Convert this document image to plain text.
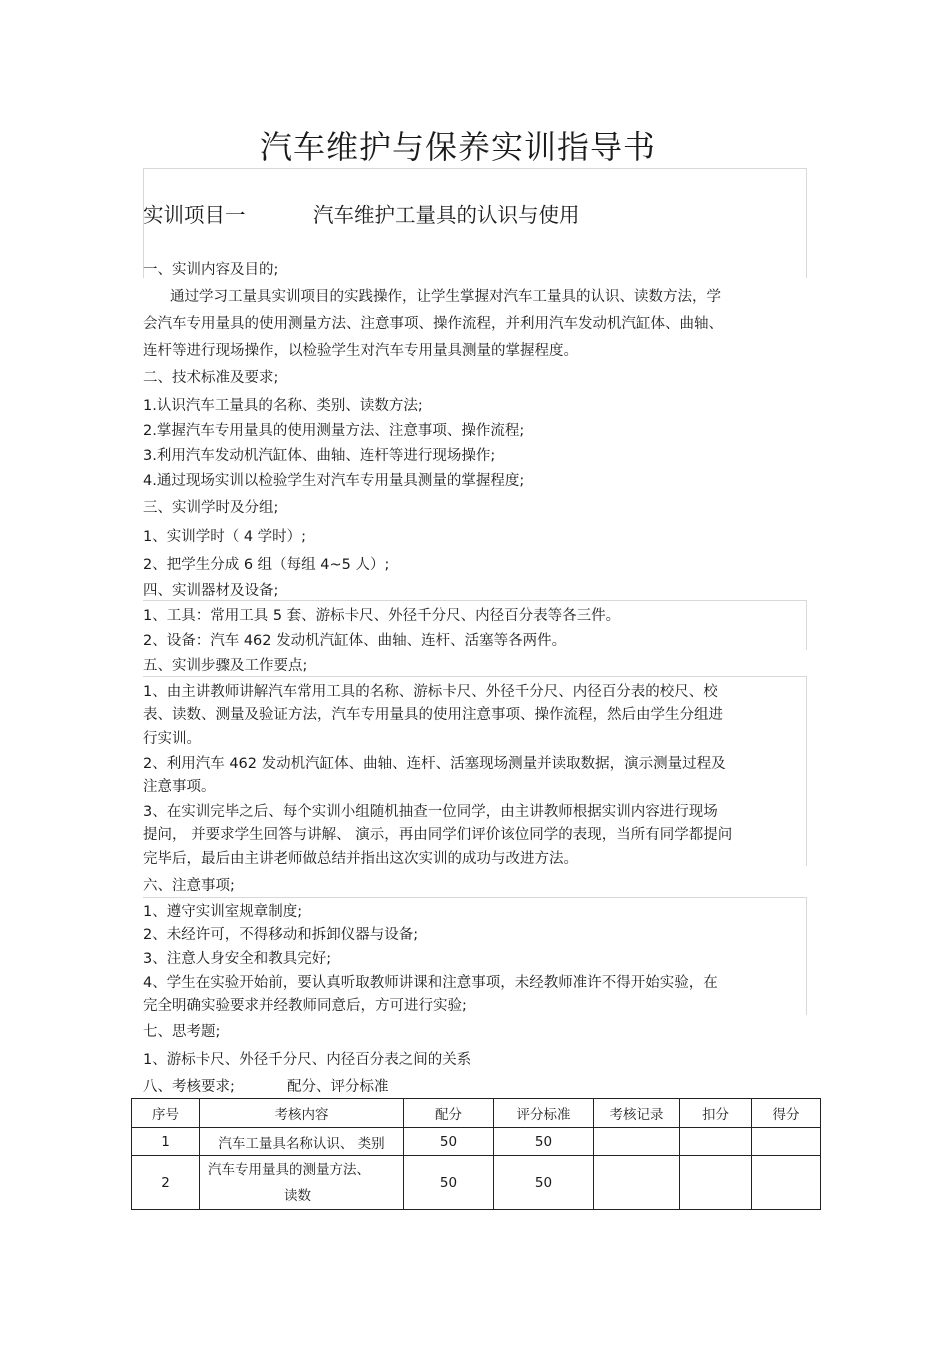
汽车维护与保养实训指导书
实训项目一	汽车维护工量具的认识与使用
一、实训内容及目的;
通过学习工量具实训项目的实践操作，让学生掌握对汽车工量具的认识、读数方法，学
会汽车专用量具的使用测量方法、注意事项、操作流程，并利用汽车发动机汽缸体、曲轴、
连杆等进行现场操作，以检验学生对汽车专用量具测量的掌握程度。
二、技术标准及要求;
1.认识汽车工量具的名称、类别、读数方法;
2.掌握汽车专用量具的使用测量方法、注意事项、操作流程;
3.利用汽车发动机汽缸体、曲轴、连杆等进行现场操作;
4.通过现场实训以检验学生对汽车专用量具测量的掌握程度;
三、实训学时及分组;
1、实训学时（ 4 学时）;
2、把学生分成 6 组（每组 4~5 人）;
四、实训器材及设备;
1、工具：常用工具 5 套、游标卡尺、外径千分尺、内径百分表等各三件。
2、设备：汽车 462 发动机汽缸体、曲轴、连杆、活塞等各两件。
五、实训步骤及工作要点;
1、由主讲教师讲解汽车常用工具的名称、游标卡尺、外径千分尺、内径百分表的校尺、校
表、读数、测量及验证方法，汽车专用量具的使用注意事项、操作流程，然后由学生分组进
行实训。
2、利用汽车 462 发动机汽缸体、曲轴、连杆、活塞现场测量并读取数据，演示测量过程及
注意事项。
3、在实训完毕之后、每个实训小组随机抽查一位同学，由主讲教师根据实训内容进行现场
提问， 并要求学生回答与讲解、 演示，再由同学们评价该位同学的表现，当所有同学都提问
完毕后，最后由主讲老师做总结并指出这次实训的成功与改进方法。
六、注意事项;
1、遵守实训室规章制度;
2、未经许可，不得移动和拆卸仪器与设备;
3、注意人身安全和教具完好;
4、学生在实验开始前，要认真听取教师讲课和注意事项，未经教师准许不得开始实验，在
完全明确实验要求并经教师同意后，方可进行实验;
七、思考题;
1、游标卡尺、外径千分尺、内径百分表之间的关系
八、考核要求;	配分、评分标准
序号	考核内容	配分	评分标准	考核记录	扣分	得分
1	汽车工量具名称认识、 类别	50	50			
2	汽车专用量具的测量方法、
读数	50	50			
